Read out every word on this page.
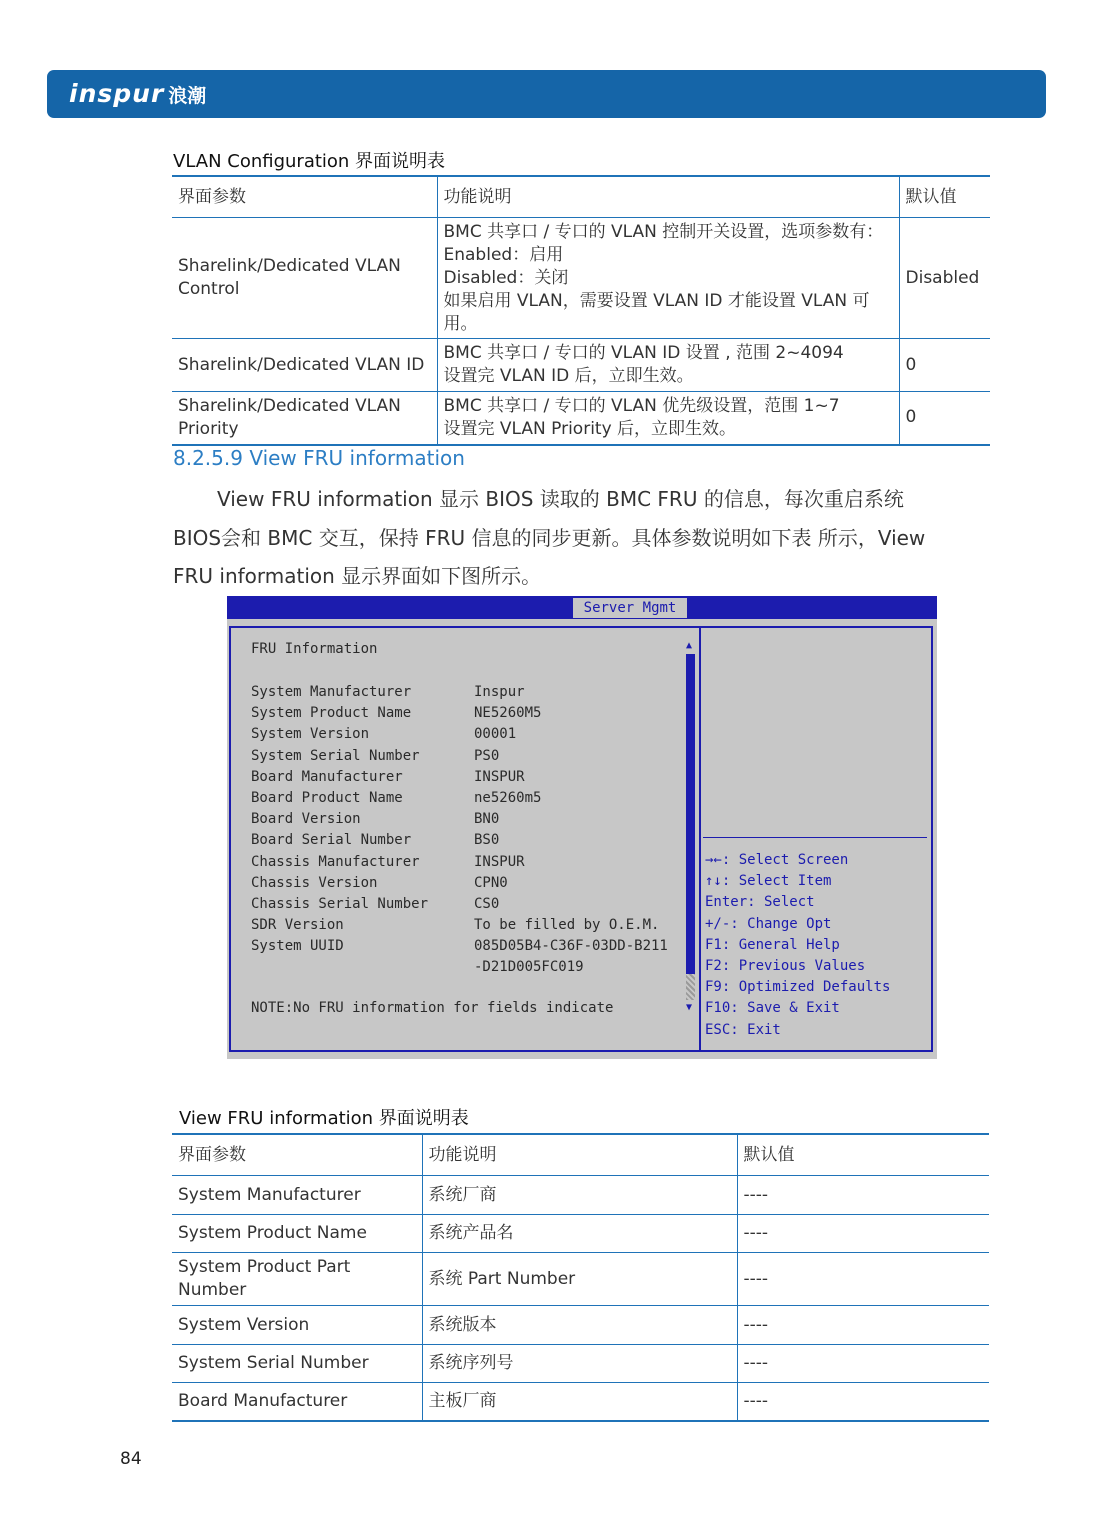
inspur 浪潮
VLAN Configuration 界面说明表
界面参数	功能说明	默认值
Sharelink/Dedicated VLAN Control	BMC 共享口 / 专口的 VLAN 控制开关设置，选项参数有：
Enabled：启用
Disabled：关闭
如果启用 VLAN，需要设置 VLAN ID 才能设置 VLAN 可用。	Disabled
Sharelink/Dedicated VLAN ID	BMC 共享口 / 专口的 VLAN ID 设置 , 范围 2~4094
设置完 VLAN ID 后，立即生效。	0
Sharelink/Dedicated VLAN Priority	BMC 共享口 / 专口的 VLAN 优先级设置，范围 1~7
设置完 VLAN Priority 后，立即生效。	0
8.2.5.9 View FRU information
View FRU information 显示 BIOS 读取的 BMC FRU 的信息，每次重启系统 BIOS会和 BMC 交互，保持 FRU 信息的同步更新。具体参数说明如下表 所示，View FRU information 显示界面如下图所示。
Server Mgmt
FRU Information
System Manufacturer	Inspur
System Product Name	NE5260M5
System Version	00001
System Serial Number	PS0
Board Manufacturer	INSPUR
Board Product Name	ne5260m5
Board Version	BN0
Board Serial Number	BS0
Chassis Manufacturer	INSPUR
Chassis Version	CPN0
Chassis Serial Number	CS0
SDR Version	To be filled by O.E.M.
System UUID	085D05B4-C36F-03DD-B211
-D21D005FC019
NOTE:No FRU information for fields indicate
▲
▼
→←: Select Screen
↑↓: Select Item
Enter: Select
+/-: Change Opt
F1: General Help
F2: Previous Values
F9: Optimized Defaults
F10: Save & Exit
ESC: Exit
View FRU information 界面说明表
界面参数	功能说明	默认值
System Manufacturer	系统厂商	----
System Product Name	系统产品名	----
System Product Part Number	系统 Part Number	----
System Version	系统版本	----
System Serial Number	系统序列号	----
Board Manufacturer	主板厂商	----
84
